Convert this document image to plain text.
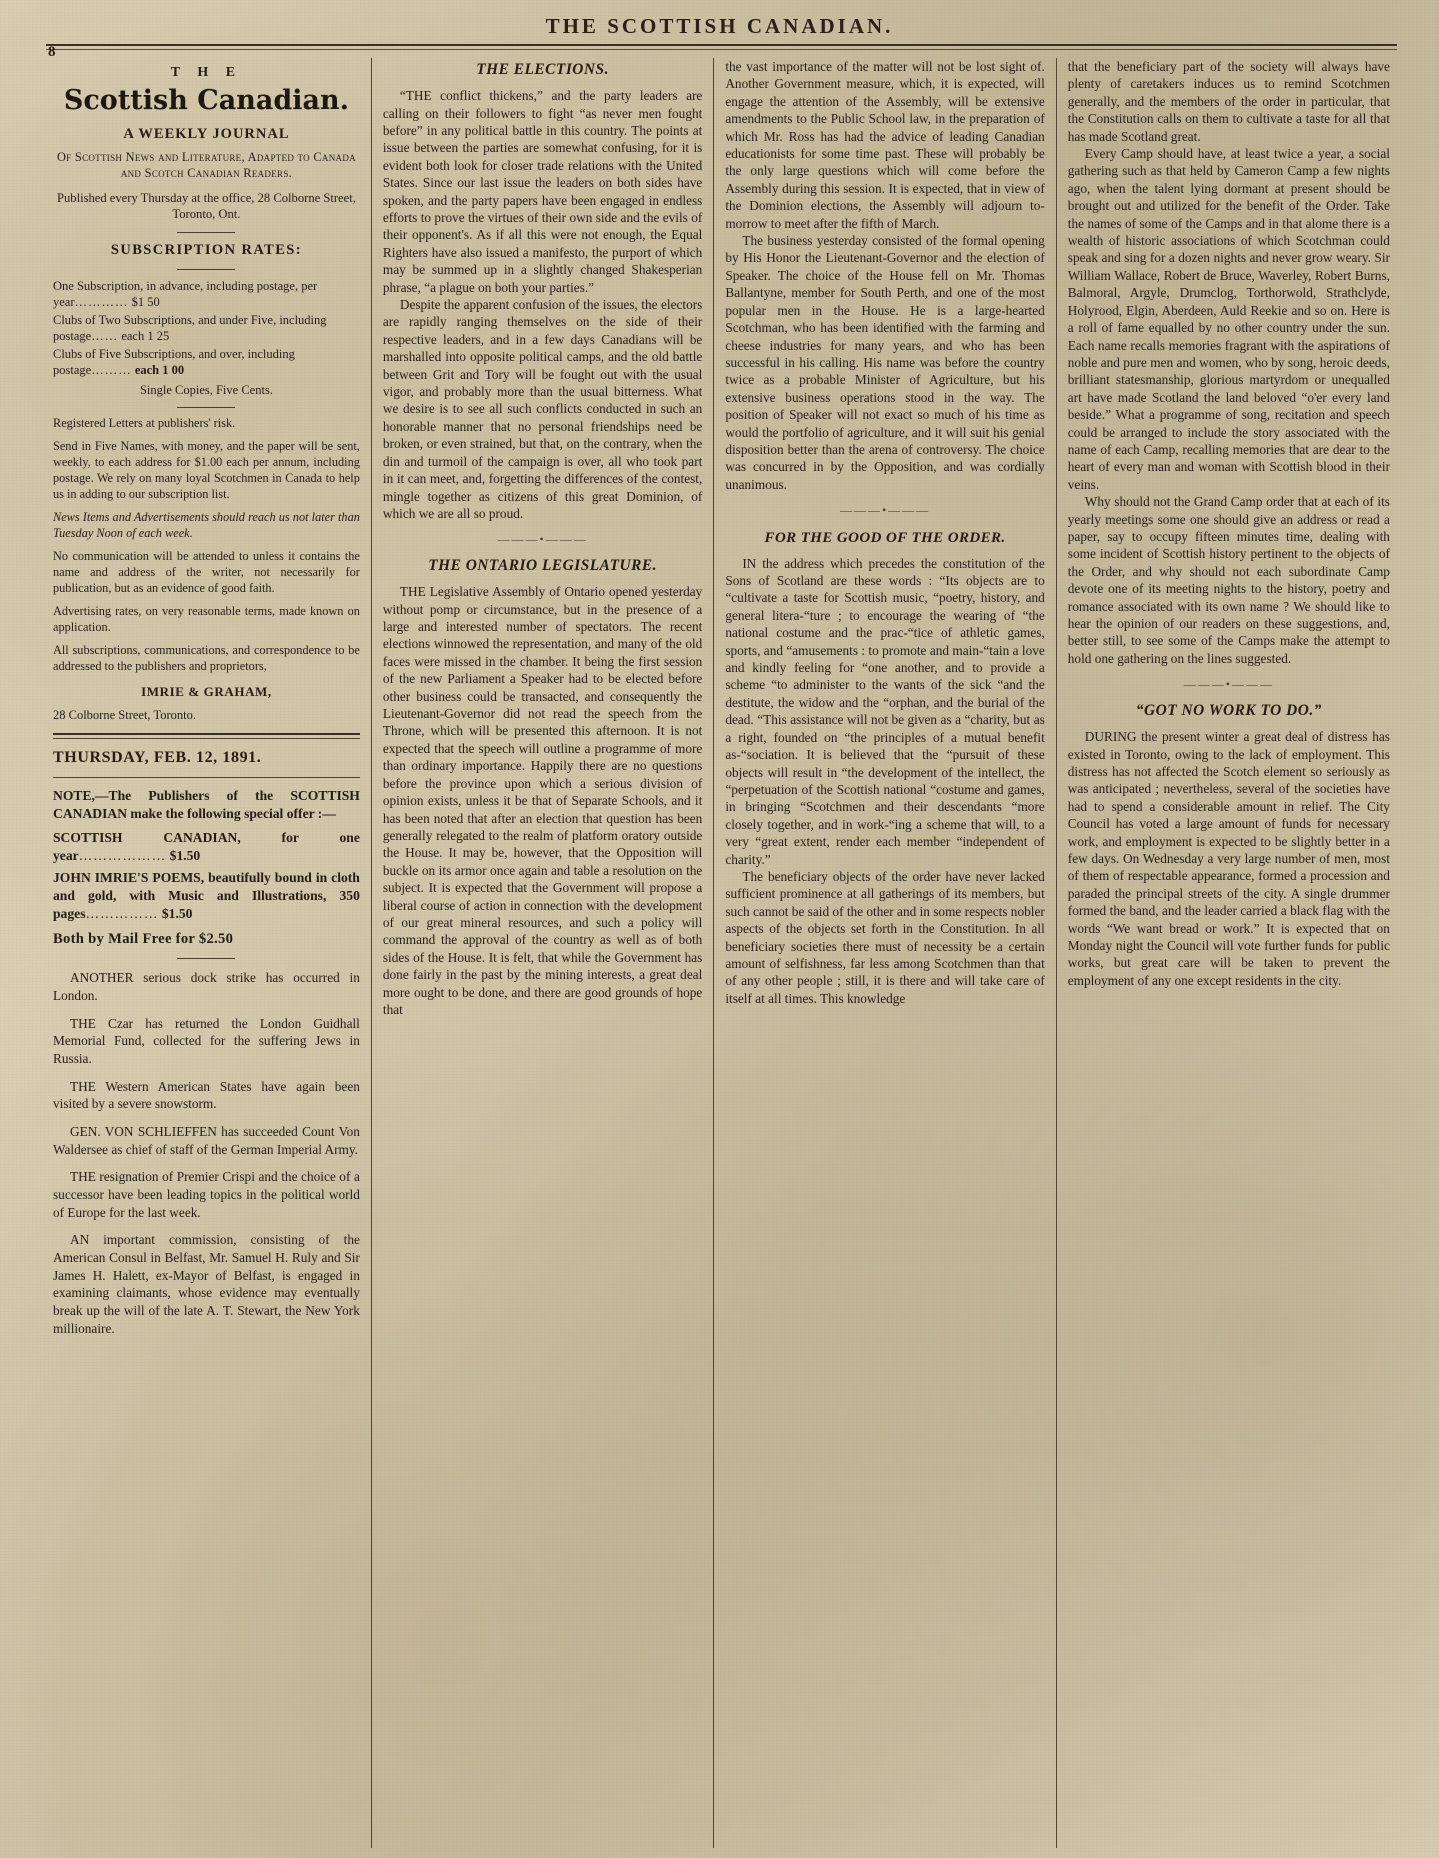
THE SCOTTISH CANADIAN.
8
T H E
Scottish Canadian.
A WEEKLY JOURNAL
Of Scottish News and Literature, Adapted to Canada and Scotch Canadian Readers.
Published every Thursday at the office, 28 Colborne Street, Toronto, Ont.
SUBSCRIPTION RATES:
One Subscription, in advance, including postage, per year………… $1 50
Clubs of Two Subscriptions, and under Five, including postage…… each 1 25
Clubs of Five Subscriptions, and over, including postage……… each 1 00
Single Copies, Five Cents.
Registered Letters at publishers' risk.
Send in Five Names, with money, and the paper will be sent, weekly, to each address for $1.00 each per annum, including postage. We rely on many loyal Scotchmen in Canada to help us in adding to our subscription list.
News Items and Advertisements should reach us not later than Tuesday Noon of each week.
No communication will be attended to unless it contains the name and address of the writer, not necessarily for publication, but as an evidence of good faith.
Advertising rates, on very reasonable terms, made known on application.
All subscriptions, communications, and correspondence to be addressed to the publishers and proprietors,
IMRIE & GRAHAM,
28 Colborne Street, Toronto.
THURSDAY, FEB. 12, 1891.
NOTE,—The Publishers of the SCOTTISH CANADIAN make the following special offer :—
SCOTTISH CANADIAN, for one year……………… $1.50
JOHN IMRIE'S POEMS, beautifully bound in cloth and gold, with Music and Illustrations, 350 pages…………… $1.50
Both by Mail Free for $2.50

ANOTHER serious dock strike has occurred in London.

THE Czar has returned the London Guidhall Memorial Fund, collected for the suffering Jews in Russia.

THE Western American States have again been visited by a severe snowstorm.

GEN. VON SCHLIEFFEN has succeeded Count Von Waldersee as chief of staff of the German Imperial Army.

THE resignation of Premier Crispi and the choice of a successor have been leading topics in the political world of Europe for the last week.

AN important commission, consisting of the American Consul in Belfast, Mr. Samuel H. Ruly and Sir James H. Halett, ex-Mayor of Belfast, is engaged in examining claimants, whose evidence may eventually break up the will of the late A. T. Stewart, the New York millionaire.

THE ELECTIONS.

“THE conflict thickens,” and the party leaders are calling on their followers to fight “as never men fought before” in any political battle in this country. The points at issue between the parties are somewhat confusing, for it is evident both look for closer trade relations with the United States. Since our last issue the leaders on both sides have spoken, and the party papers have been engaged in endless efforts to prove the virtues of their own side and the evils of their opponent's. As if all this were not enough, the Equal Righters have also issued a manifesto, the purport of which may be summed up in a slightly changed Shakesperian phrase, “a plague on both your parties.”

Despite the apparent confusion of the issues, the electors are rapidly ranging themselves on the side of their respective leaders, and in a few days Canadians will be marshalled into opposite political camps, and the old battle between Grit and Tory will be fought out with the usual vigor, and probably more than the usual bitterness. What we desire is to see all such conflicts conducted in such an honorable manner that no personal friendships need be broken, or even strained, but that, on the contrary, when the din and turmoil of the campaign is over, all who took part in it can meet, and, forgetting the differences of the contest, mingle together as citizens of this great Dominion, of which we are all so proud.

———•———
THE ONTARIO LEGISLATURE.

THE Legislative Assembly of Ontario opened yesterday without pomp or circumstance, but in the presence of a large and interested number of spectators. The recent elections winnowed the representation, and many of the old faces were missed in the chamber. It being the first session of the new Parliament a Speaker had to be elected before other business could be transacted, and consequently the Lieutenant-Governor did not read the speech from the Throne, which will be presented this afternoon. It is not expected that the speech will outline a programme of more than ordinary importance. Happily there are no questions before the province upon which a serious division of opinion exists, unless it be that of Separate Schools, and it has been noted that after an election that question has been generally relegated to the realm of platform oratory outside the House. It may be, however, that the Opposition will buckle on its armor once again and table a resolution on the subject. It is expected that the Government will propose a liberal course of action in connection with the development of our great mineral resources, and such a policy will command the approval of the country as well as of both sides of the House. It is felt, that while the Government has done fairly in the past by the mining interests, a great deal more ought to be done, and there are good grounds of hope that

the vast importance of the matter will not be lost sight of. Another Government measure, which, it is expected, will engage the attention of the Assembly, will be extensive amendments to the Public School law, in the preparation of which Mr. Ross has had the advice of leading Canadian educationists for some time past. These will probably be the only large questions which will come before the Assembly during this session. It is expected, that in view of the Dominion elections, the Assembly will adjourn to-morrow to meet after the fifth of March.

The business yesterday consisted of the formal opening by His Honor the Lieutenant-Governor and the election of Speaker. The choice of the House fell on Mr. Thomas Ballantyne, member for South Perth, and one of the most popular men in the House. He is a large-hearted Scotchman, who has been identified with the farming and cheese industries for many years, and who has been successful in his calling. His name was before the country twice as a probable Minister of Agriculture, but his extensive business operations stood in the way. The position of Speaker will not exact so much of his time as would the portfolio of agriculture, and it will suit his genial disposition better than the arena of controversy. The choice was concurred in by the Opposition, and was cordially unanimous.

———•———
FOR THE GOOD OF THE ORDER.

IN the address which precedes the constitution of the Sons of Scotland are these words : “Its objects are to “cultivate a taste for Scottish music, “poetry, history, and general litera-“ture ; to encourage the wearing of “the national costume and the prac-“tice of athletic games, sports, and “amusements : to promote and main-“tain a love and kindly feeling for “one another, and to provide a scheme “to administer to the wants of the sick “and the destitute, the widow and the “orphan, and the burial of the dead. “This assistance will not be given as a “charity, but as a right, founded on “the principles of a mutual benefit as-“sociation. It is believed that the “pursuit of these objects will result in “the development of the intellect, the “perpetuation of the Scottish national “costume and games, in bringing “Scotchmen and their descendants “more closely together, and in work-“ing a scheme that will, to a very “great extent, render each member “independent of charity.”

The beneficiary objects of the order have never lacked sufficient prominence at all gatherings of its members, but such cannot be said of the other and in some respects nobler aspects of the objects set forth in the Constitution. In all beneficiary societies there must of necessity be a certain amount of selfishness, far less among Scotchmen than that of any other people ; still, it is there and will take care of itself at all times. This knowledge

that the beneficiary part of the society will always have plenty of caretakers induces us to remind Scotchmen generally, and the members of the order in particular, that the Constitution calls on them to cultivate a taste for all that has made Scotland great.

Every Camp should have, at least twice a year, a social gathering such as that held by Cameron Camp a few nights ago, when the talent lying dormant at present should be brought out and utilized for the benefit of the Order. Take the names of some of the Camps and in that alome there is a wealth of historic associations of which Scotchman could speak and sing for a dozen nights and never grow weary. Sir William Wallace, Robert de Bruce, Waverley, Robert Burns, Balmoral, Argyle, Drumclog, Torthorwold, Strathclyde, Holyrood, Elgin, Aberdeen, Auld Reekie and so on. Here is a roll of fame equalled by no other country under the sun. Each name recalls memories fragrant with the aspirations of noble and pure men and women, who by song, heroic deeds, brilliant statesmanship, glorious martyrdom or unequalled art have made Scotland the land beloved “o'er every land beside.” What a programme of song, recitation and speech could be arranged to include the story associated with the name of each Camp, recalling memories that are dear to the heart of every man and woman with Scottish blood in their veins.

Why should not the Grand Camp order that at each of its yearly meetings some one should give an address or read a paper, say to occupy fifteen minutes time, dealing with some incident of Scottish history pertinent to the objects of the Order, and why should not each subordinate Camp devote one of its meeting nights to the history, poetry and romance associated with its own name ? We should like to hear the opinion of our readers on these suggestions, and, better still, to see some of the Camps make the attempt to hold one gathering on the lines suggested.

———•———
“GOT NO WORK TO DO.”

DURING the present winter a great deal of distress has existed in Toronto, owing to the lack of employment. This distress has not affected the Scotch element so seriously as was anticipated ; nevertheless, several of the societies have had to spend a considerable amount in relief. The City Council has voted a large amount of funds for necessary work, and employment is expected to be slightly better in a few days. On Wednesday a very large number of men, most of them of respectable appearance, formed a procession and paraded the principal streets of the city. A single drummer formed the band, and the leader carried a black flag with the words “We want bread or work.” It is expected that on Monday night the Council will vote further funds for public works, but great care will be taken to prevent the employment of any one except residents in the city.
